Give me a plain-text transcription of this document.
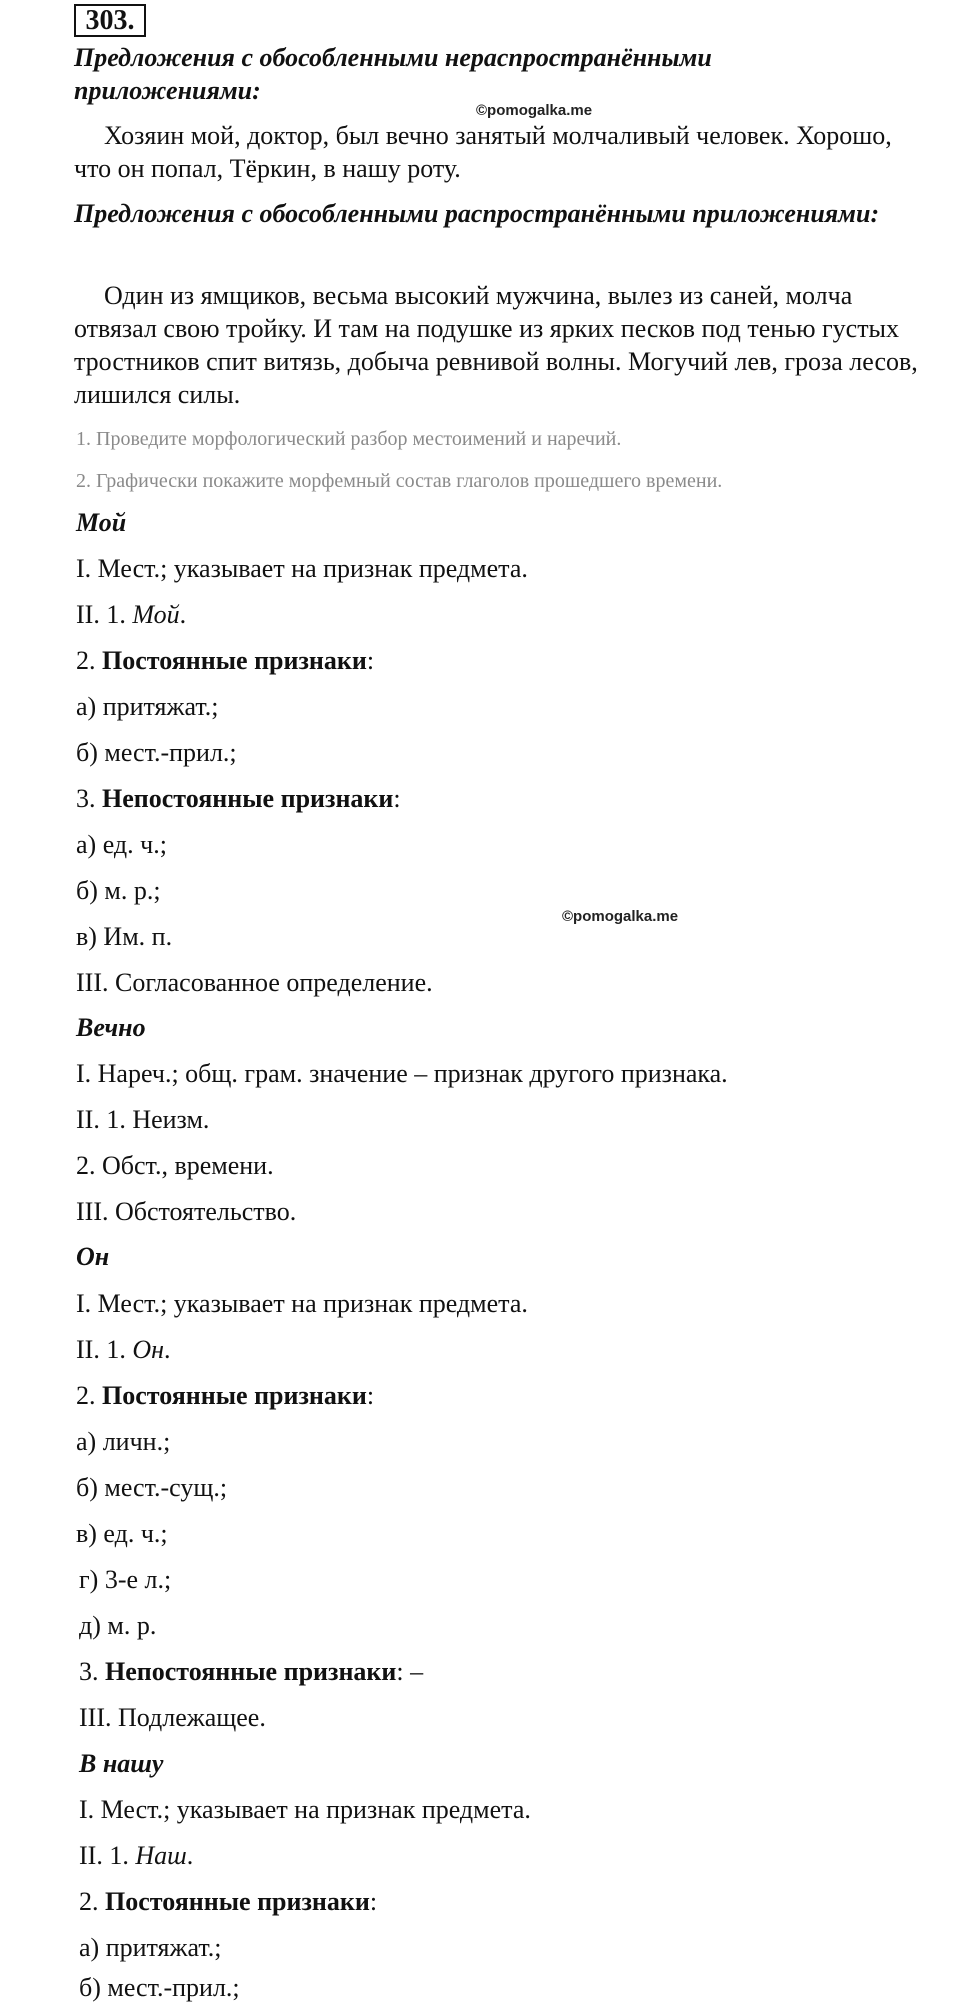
303.
Предложения с обособленными нераспространёнными приложениями:
©pomogalka.me
Хозяин мой, доктор, был вечно занятый молчаливый человек. Хорошо, что он попал, Тёркин, в нашу роту.
Предложения с обособленными распространёнными приложениями:
Один из ямщиков, весьма высокий мужчина, вылез из саней, молча отвязал свою тройку. И там на подушке из ярких песков под тенью густых тростников спит витязь, добыча ревнивой волны. Могучий лев, гроза лесов, лишился силы.
1. Проведите морфологический разбор местоимений и наречий.
2. Графически покажите морфемный состав глаголов прошедшего времени.
Мой
I. Мест.; указывает на признак предмета.
II. 1. Мой.
2. Постоянные признаки:
а) притяжат.;
б) мест.-прил.;
3. Непостоянные признаки:
а) ед. ч.;
б) м. р.;
©pomogalka.me
в) Им. п.
III. Согласованное определение.
Вечно
I. Нареч.; общ. грам. значение – признак другого признака.
II. 1. Неизм.
2. Обст., времени.
III. Обстоятельство.
Он
I. Мест.; указывает на признак предмета.
II. 1. Он.
2. Постоянные признаки:
а) личн.;
б) мест.-сущ.;
в) ед. ч.;
г) 3-е л.;
д) м. р.
3. Непостоянные признаки: –
III. Подлежащее.
В нашу
I. Мест.; указывает на признак предмета.
II. 1. Наш.
2. Постоянные признаки:
а) притяжат.;
б) мест.-прил.;
